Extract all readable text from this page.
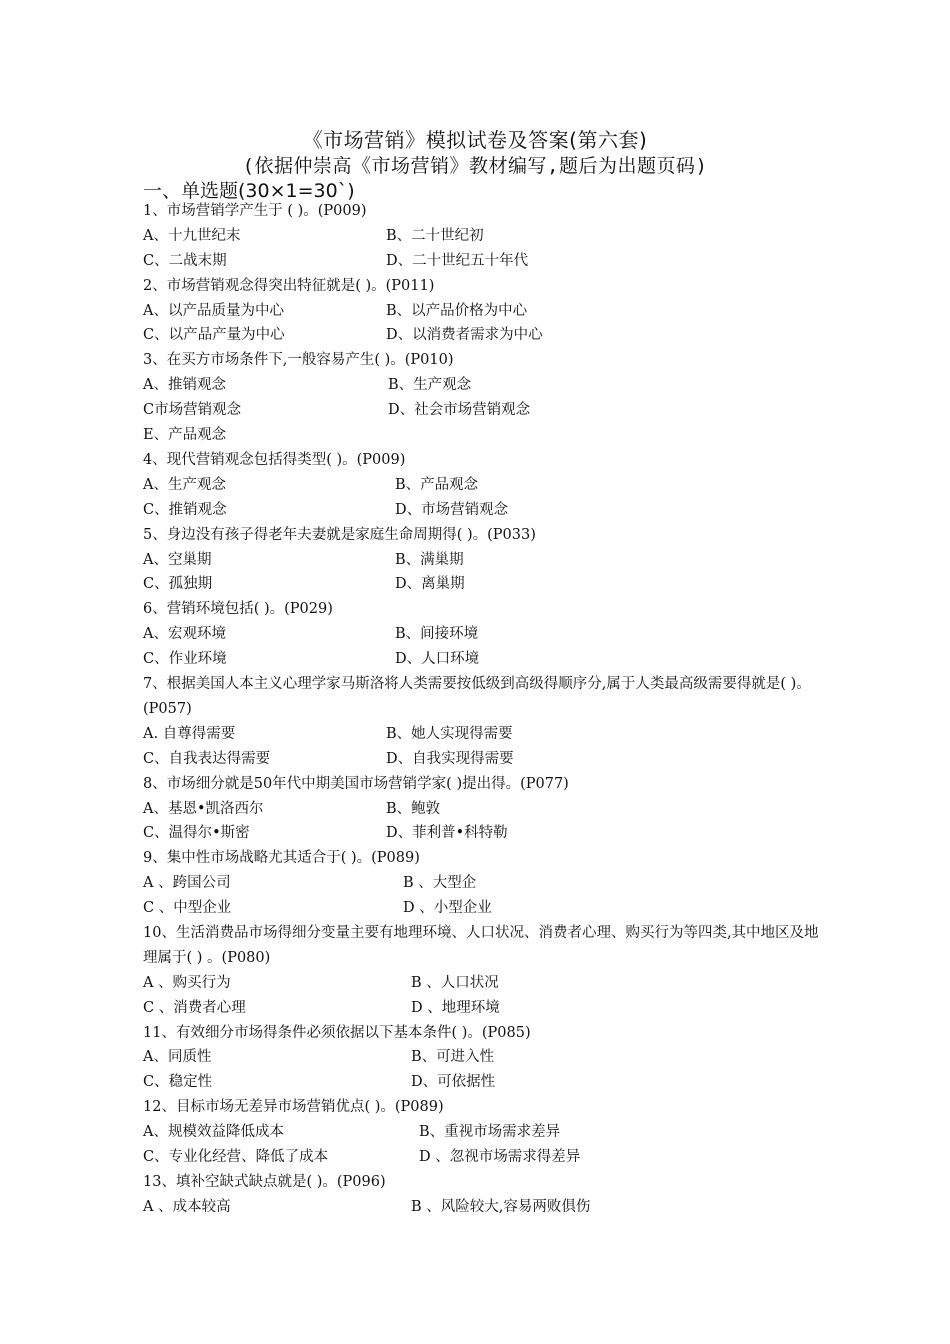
《市场营销》模拟试卷及答案(第六套)
(依据仲崇高《市场营销》教材编写,题后为出题页码)
一、单选题(30×1=30`)
1、市场营销学产生于 ( )。(P009)
A、十九世纪末	B、二十世纪初
C、二战末期	D、二十世纪五十年代
2、市场营销观念得突出特征就是( )。(P011)
A、以产品质量为中心	B、以产品价格为中心
C、以产品产量为中心	D、以消费者需求为中心
3、在买方市场条件下,一般容易产生( )。(P010)
A、推销观念	B、生产观念
C市场营销观念	D、社会市场营销观念
E、产品观念
4、现代营销观念包括得类型( )。(P009)
A、生产观念	B、产品观念
C、推销观念	D、市场营销观念
5、身边没有孩子得老年夫妻就是家庭生命周期得( )。(P033)
A、空巢期	B、满巢期
C、孤独期	D、离巢期
6、营销环境包括( )。(P029)
A、宏观环境	B、间接环境
C、作业环境	D、人口环境
7、根据美国人本主义心理学家马斯洛将人类需要按低级到高级得顺序分,属于人类最高级需要得就是( )。(P057)
A. 自尊得需要	B、她人实现得需要
C、自我表达得需要	D、自我实现得需要
8、市场细分就是50年代中期美国市场营销学家( )提出得。(P077)
A、基恩•凯洛西尔	B、鲍敦
C、温得尔•斯密	D、菲利普•科特勒
9、集中性市场战略尤其适合于( )。(P089)
A 、跨国公司	B 、大型企
C 、中型企业	D 、小型企业
10、生活消费品市场得细分变量主要有地理环境、人口状况、消费者心理、购买行为等四类,其中地区及地理属于( ) 。(P080)
A 、购买行为	B 、人口状况
C 、消费者心理	D 、地理环境
11、有效细分市场得条件必须依据以下基本条件( )。(P085)
A、同质性	B、可进入性
C、稳定性	D、可依据性
12、目标市场无差异市场营销优点( )。(P089)
A、规模效益降低成本	B、重视市场需求差异
C、专业化经营、降低了成本	D 、忽视市场需求得差异
13、填补空缺式缺点就是( )。(P096)
A 、成本较高	B 、风险较大,容易两败俱伤
